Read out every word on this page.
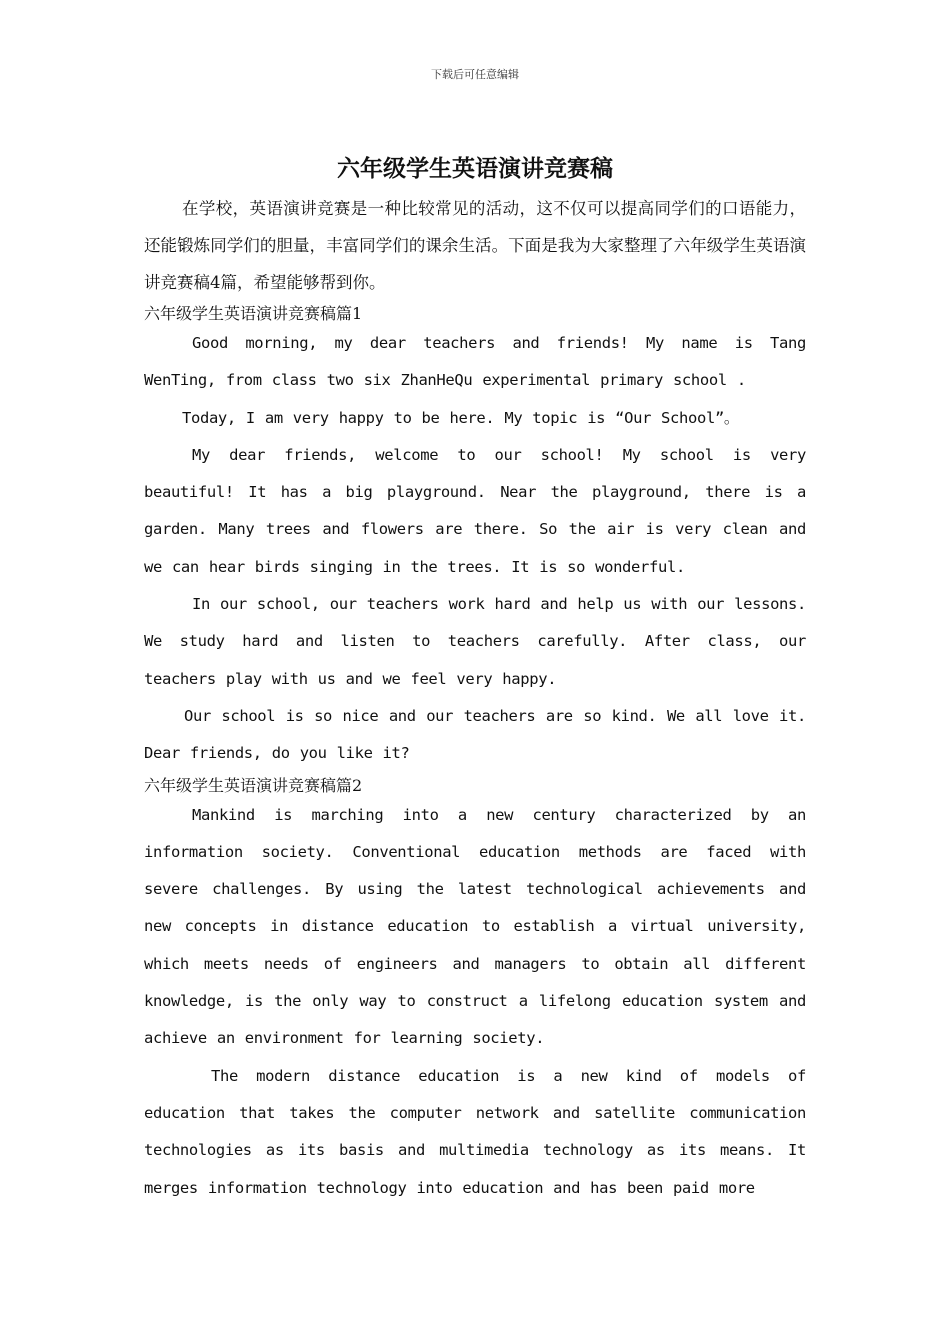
下载后可任意编辑
六年级学生英语演讲竞赛稿

在学校，英语演讲竞赛是一种比较常见的活动，这不仅可以提高同学们的口语能力，还能锻炼同学们的胆量，丰富同学们的课余生活。下面是我为大家整理了六年级学生英语演讲竞赛稿4篇，希望能够帮到你。

六年级学生英语演讲竞赛稿篇1

Good morning, my dear teachers and friends! My name is Tang WenTing, from class two six ZhanHeQu experimental primary school .

Today, I am very happy to be here. My topic is “Our School”。

My dear friends, welcome to our school! My school is very beautiful! It has a big playground. Near the playground, there is a garden. Many trees and flowers are there. So the air is very clean and we can hear birds singing in the trees. It is so wonderful.

In our school, our teachers work hard and help us with our lessons. We study hard and listen to teachers carefully. After class, our teachers play with us and we feel very happy.

Our school is so nice and our teachers are so kind. We all love it. Dear friends, do you like it?

六年级学生英语演讲竞赛稿篇2

Mankind is marching into a new century characterized by an information society. Conventional education methods are faced with severe challenges. By using the latest technological achievements and new concepts in distance education to establish a virtual university, which meets needs of engineers and managers to obtain all different knowledge, is the only way to construct a lifelong education system and achieve an environment for learning society.

The modern distance education is a new kind of models of education that takes the computer network and satellite communication technologies as its basis and multimedia technology as its means. It merges information technology into education and has been paid more
